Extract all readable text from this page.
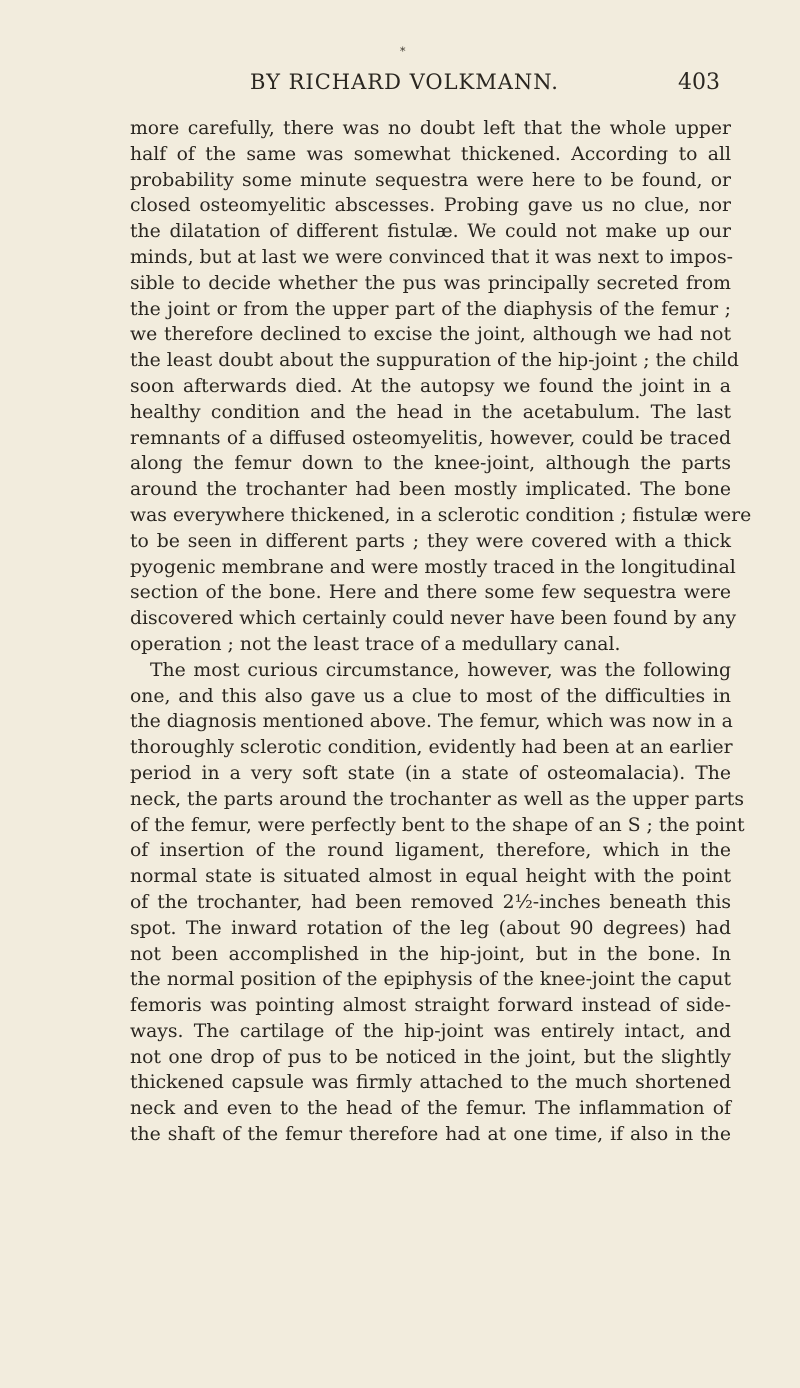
*
BY RICHARD VOLKMANN.	403
more carefully, there was no doubt left that the whole upper
half of the same was somewhat thickened. According to all
probability some minute sequestra were here to be found, or
closed osteomyelitic abscesses. Probing gave us no clue, nor
the dilatation of different fistulæ. We could not make up our
minds, but at last we were convinced that it was next to impos-
sible to decide whether the pus was principally secreted from
the joint or from the upper part of the diaphysis of the femur ;
we therefore declined to excise the joint, although we had not
the least doubt about the suppuration of the hip-joint ; the child
soon afterwards died. At the autopsy we found the joint in a
healthy condition and the head in the acetabulum. The last
remnants of a diffused osteomyelitis, however, could be traced
along the femur down to the knee-joint, although the parts
around the trochanter had been mostly implicated. The bone
was everywhere thickened, in a sclerotic condition ; fistulæ were
to be seen in different parts ; they were covered with a thick
pyogenic membrane and were mostly traced in the longitudinal
section of the bone. Here and there some few sequestra were
discovered which certainly could never have been found by any
operation ; not the least trace of a medullary canal.
The most curious circumstance, however, was the following
one, and this also gave us a clue to most of the difficulties in
the diagnosis mentioned above. The femur, which was now in a
thoroughly sclerotic condition, evidently had been at an earlier
period in a very soft state (in a state of osteomalacia). The
neck, the parts around the trochanter as well as the upper parts
of the femur, were perfectly bent to the shape of an S ; the point
of insertion of the round ligament, therefore, which in the
normal state is situated almost in equal height with the point
of the trochanter, had been removed 2½-inches beneath this
spot. The inward rotation of the leg (about 90 degrees) had
not been accomplished in the hip-joint, but in the bone. In
the normal position of the epiphysis of the knee-joint the caput
femoris was pointing almost straight forward instead of side-
ways. The cartilage of the hip-joint was entirely intact, and
not one drop of pus to be noticed in the joint, but the slightly
thickened capsule was firmly attached to the much shortened
neck and even to the head of the femur. The inflammation of
the shaft of the femur therefore had at one time, if also in the
